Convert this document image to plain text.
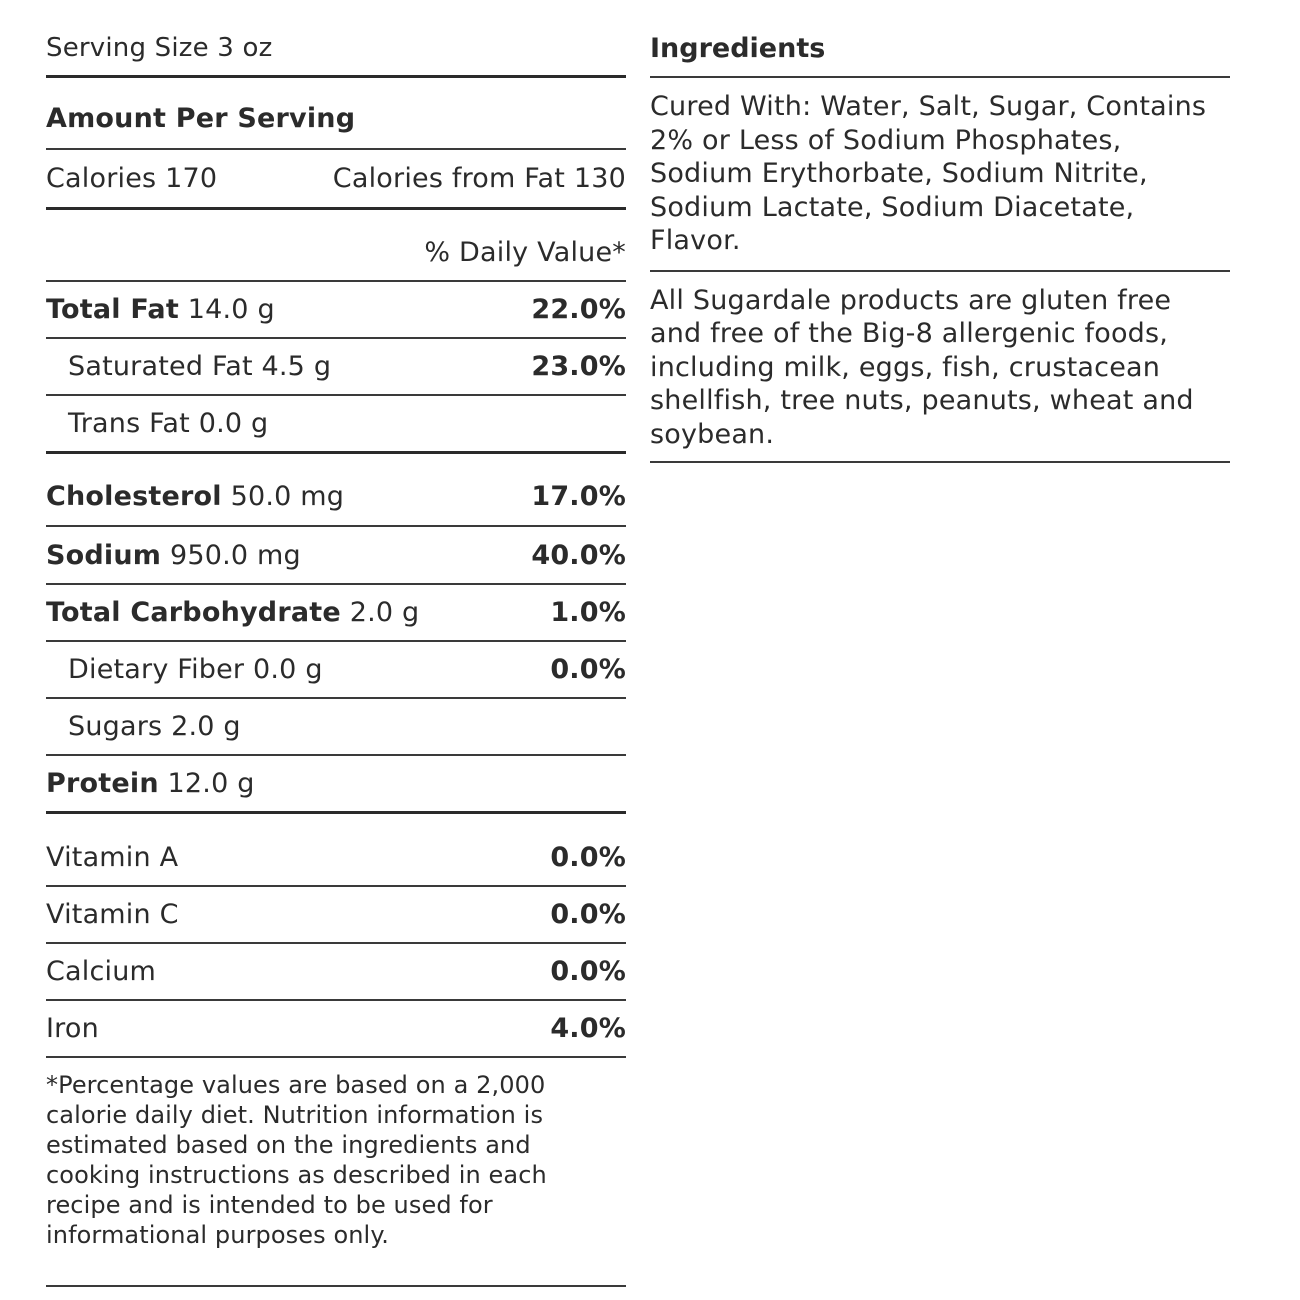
Serving Size 3 oz
Amount Per Serving
Calories 170	Calories from Fat 130
% Daily Value*
Total Fat 14.0 g	22.0%
Saturated Fat 4.5 g	23.0%
Trans Fat 0.0 g
Cholesterol 50.0 mg	17.0%
Sodium 950.0 mg	40.0%
Total Carbohydrate 2.0 g	1.0%
Dietary Fiber 0.0 g	0.0%
Sugars 2.0 g
Protein 12.0 g
Vitamin A	0.0%
Vitamin C	0.0%
Calcium	0.0%
Iron	4.0%
*Percentage values are based on a 2,000 calorie daily diet. Nutrition information is estimated based on the ingredients and cooking instructions as described in each recipe and is intended to be used for informational purposes only.
Ingredients
Cured With: Water, Salt, Sugar, Contains 2% or Less of Sodium Phosphates, Sodium Erythorbate, Sodium Nitrite, Sodium Lactate, Sodium Diacetate, Flavor.
All Sugardale products are gluten free and free of the Big-8 allergenic foods, including milk, eggs, fish, crustacean shellfish, tree nuts, peanuts, wheat and soybean.
